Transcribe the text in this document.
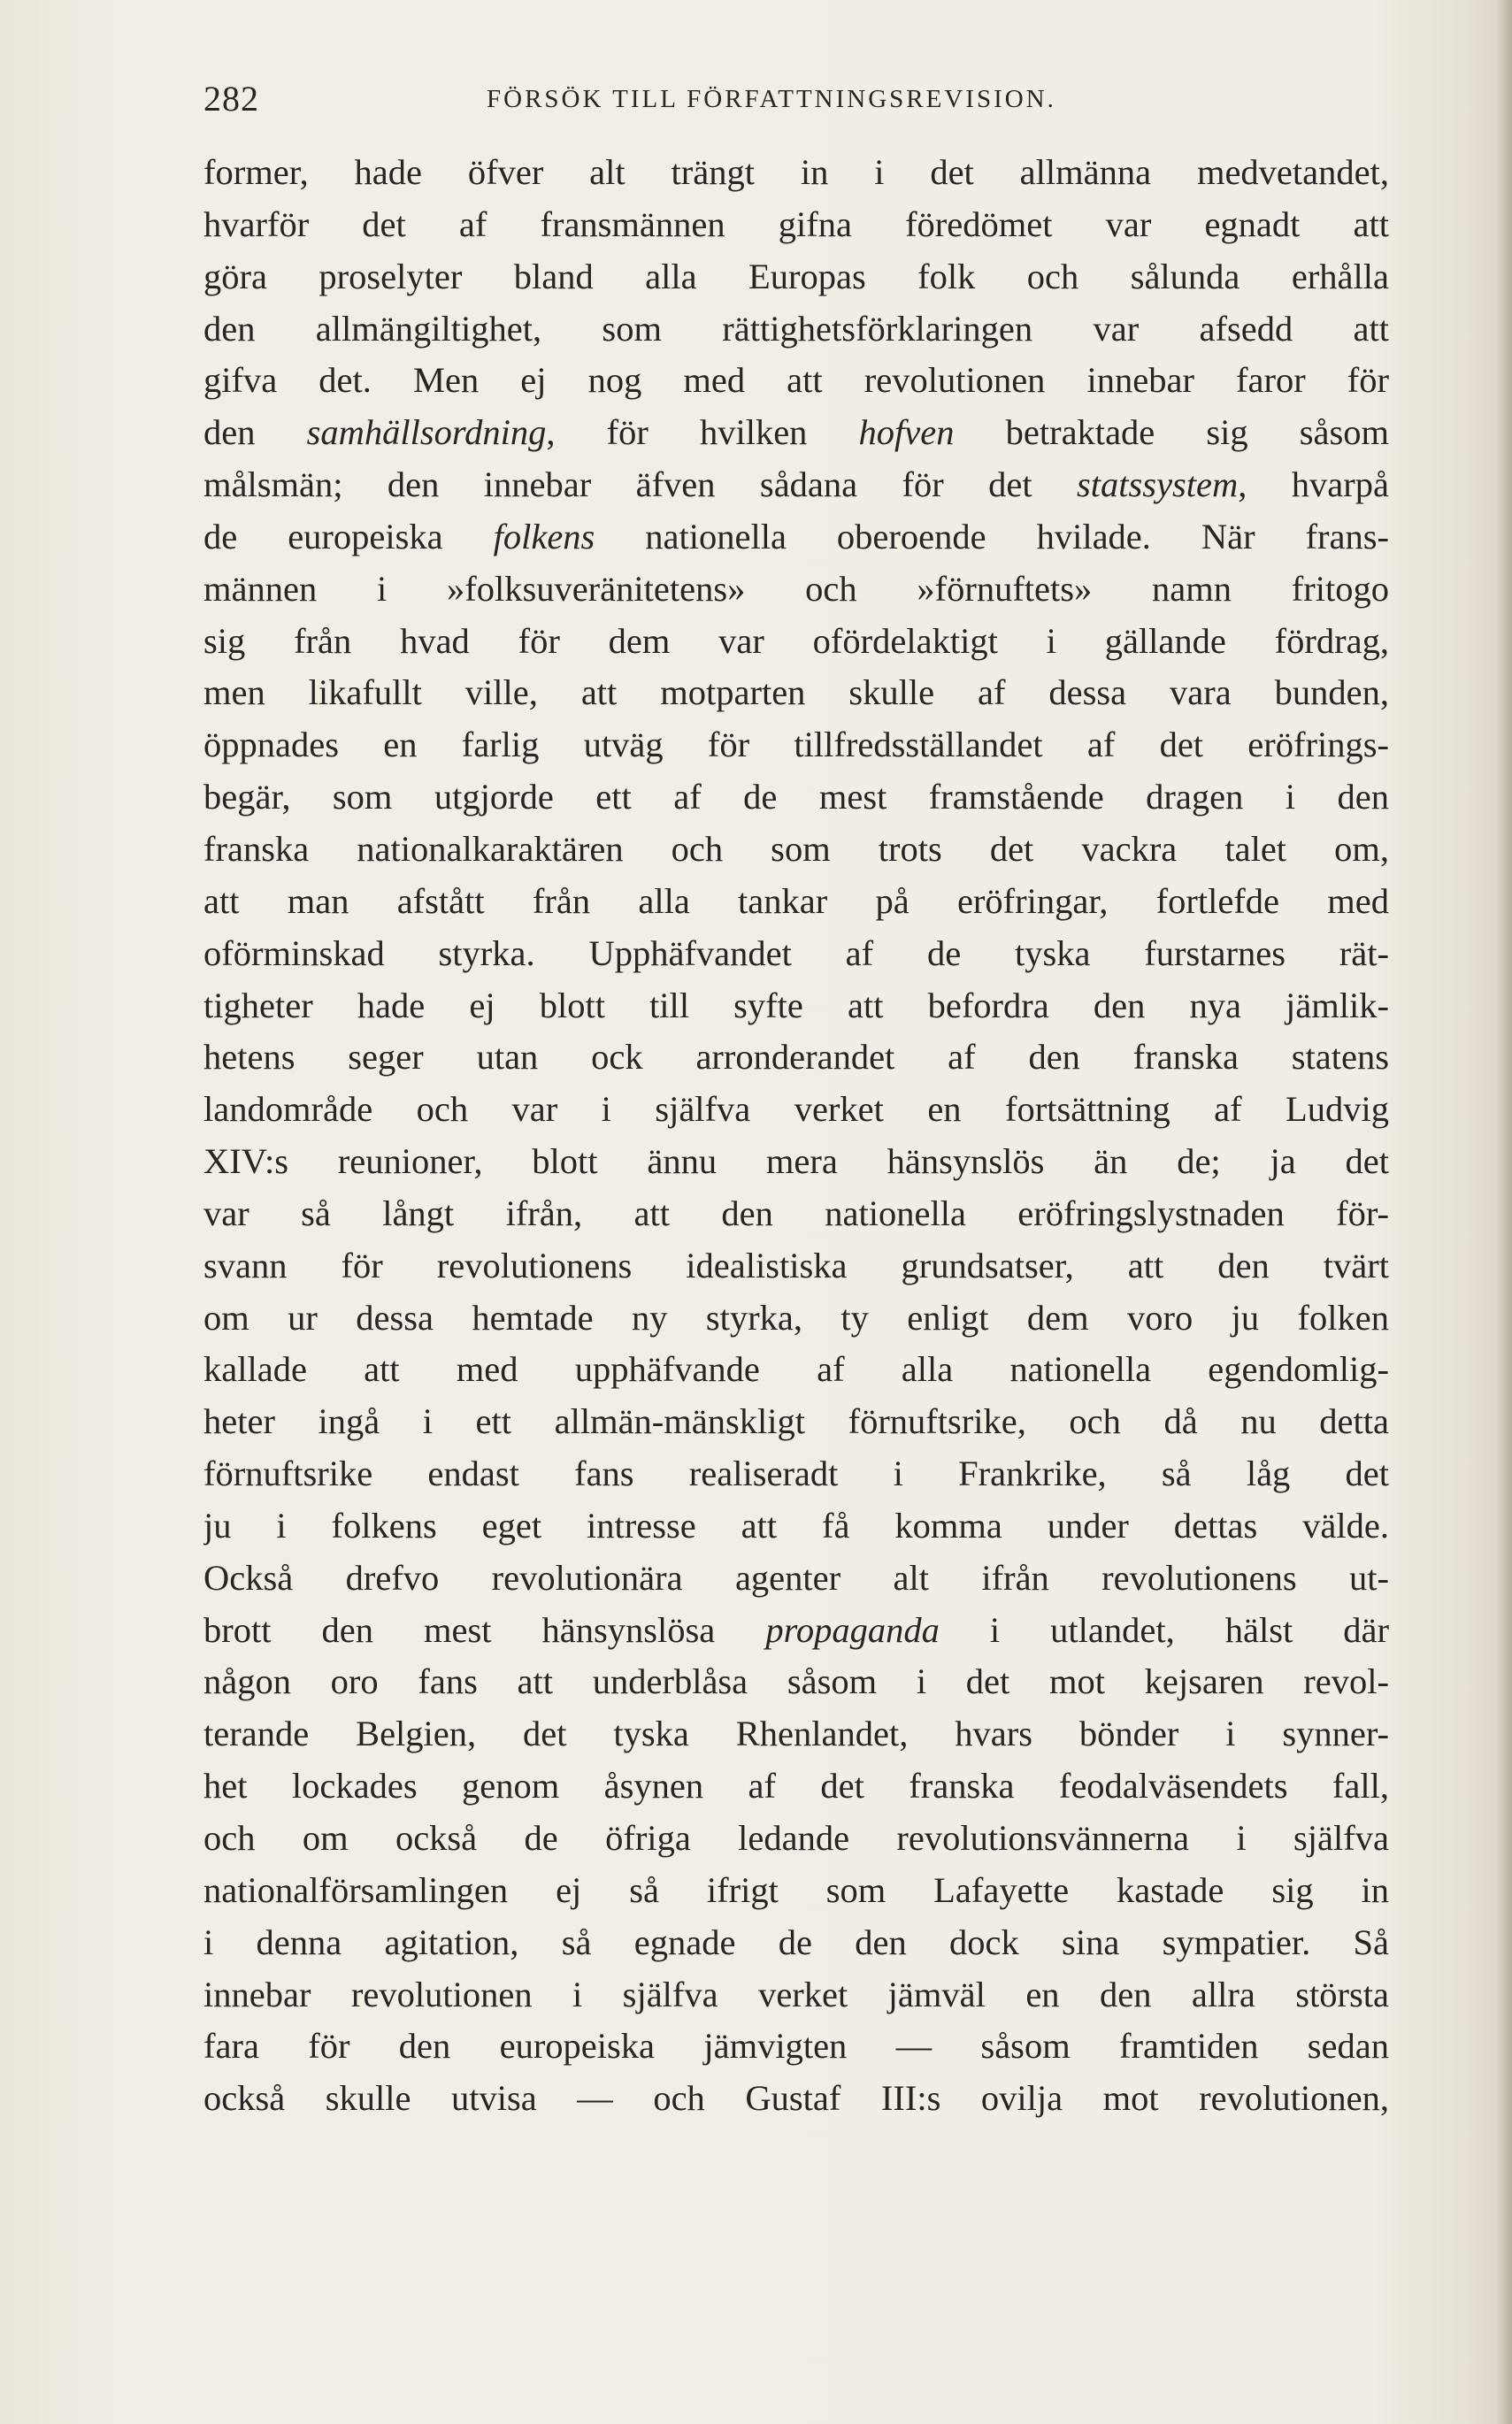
282	FÖRSÖK TILL FÖRFATTNINGSREVISION.
former, hade öfver alt trängt in i det allmänna medvetandet,
hvarför det af fransmännen gifna föredömet var egnadt att
göra proselyter bland alla Europas folk och sålunda erhålla
den allmängiltighet, som rättighetsförklaringen var afsedd att
gifva det. Men ej nog med att revolutionen innebar faror för
den samhällsordning, för hvilken hofven betraktade sig såsom
målsmän; den innebar äfven sådana för det statssystem, hvarpå
de europeiska folkens nationella oberoende hvilade. När frans-
männen i »folksuveränitetens» och »förnuftets» namn fritogo
sig från hvad för dem var ofördelaktigt i gällande fördrag,
men likafullt ville, att motparten skulle af dessa vara bunden,
öppnades en farlig utväg för tillfredsställandet af det eröfrings-
begär, som utgjorde ett af de mest framstående dragen i den
franska nationalkaraktären och som trots det vackra talet om,
att man afstått från alla tankar på eröfringar, fortlefde med
oförminskad styrka. Upphäfvandet af de tyska furstarnes rät-
tigheter hade ej blott till syfte att befordra den nya jämlik-
hetens seger utan ock arronderandet af den franska statens
landområde och var i själfva verket en fortsättning af Ludvig
XIV:s reunioner, blott ännu mera hänsynslös än de; ja det
var så långt ifrån, att den nationella eröfringslystnaden för-
svann för revolutionens idealistiska grundsatser, att den tvärt
om ur dessa hemtade ny styrka, ty enligt dem voro ju folken
kallade att med upphäfvande af alla nationella egendomlig-
heter ingå i ett allmän-mänskligt förnuftsrike, och då nu detta
förnuftsrike endast fans realiseradt i Frankrike, så låg det
ju i folkens eget intresse att få komma under dettas välde.
Också drefvo revolutionära agenter alt ifrån revolutionens ut-
brott den mest hänsynslösa propaganda i utlandet, hälst där
någon oro fans att underblåsa såsom i det mot kejsaren revol-
terande Belgien, det tyska Rhenlandet, hvars bönder i synner-
het lockades genom åsynen af det franska feodalväsendets fall,
och om också de öfriga ledande revolutionsvännerna i själfva
nationalförsamlingen ej så ifrigt som Lafayette kastade sig in
i denna agitation, så egnade de den dock sina sympatier. Så
innebar revolutionen i själfva verket jämväl en den allra största
fara för den europeiska jämvigten — såsom framtiden sedan
också skulle utvisa — och Gustaf III:s ovilja mot revolutionen,
